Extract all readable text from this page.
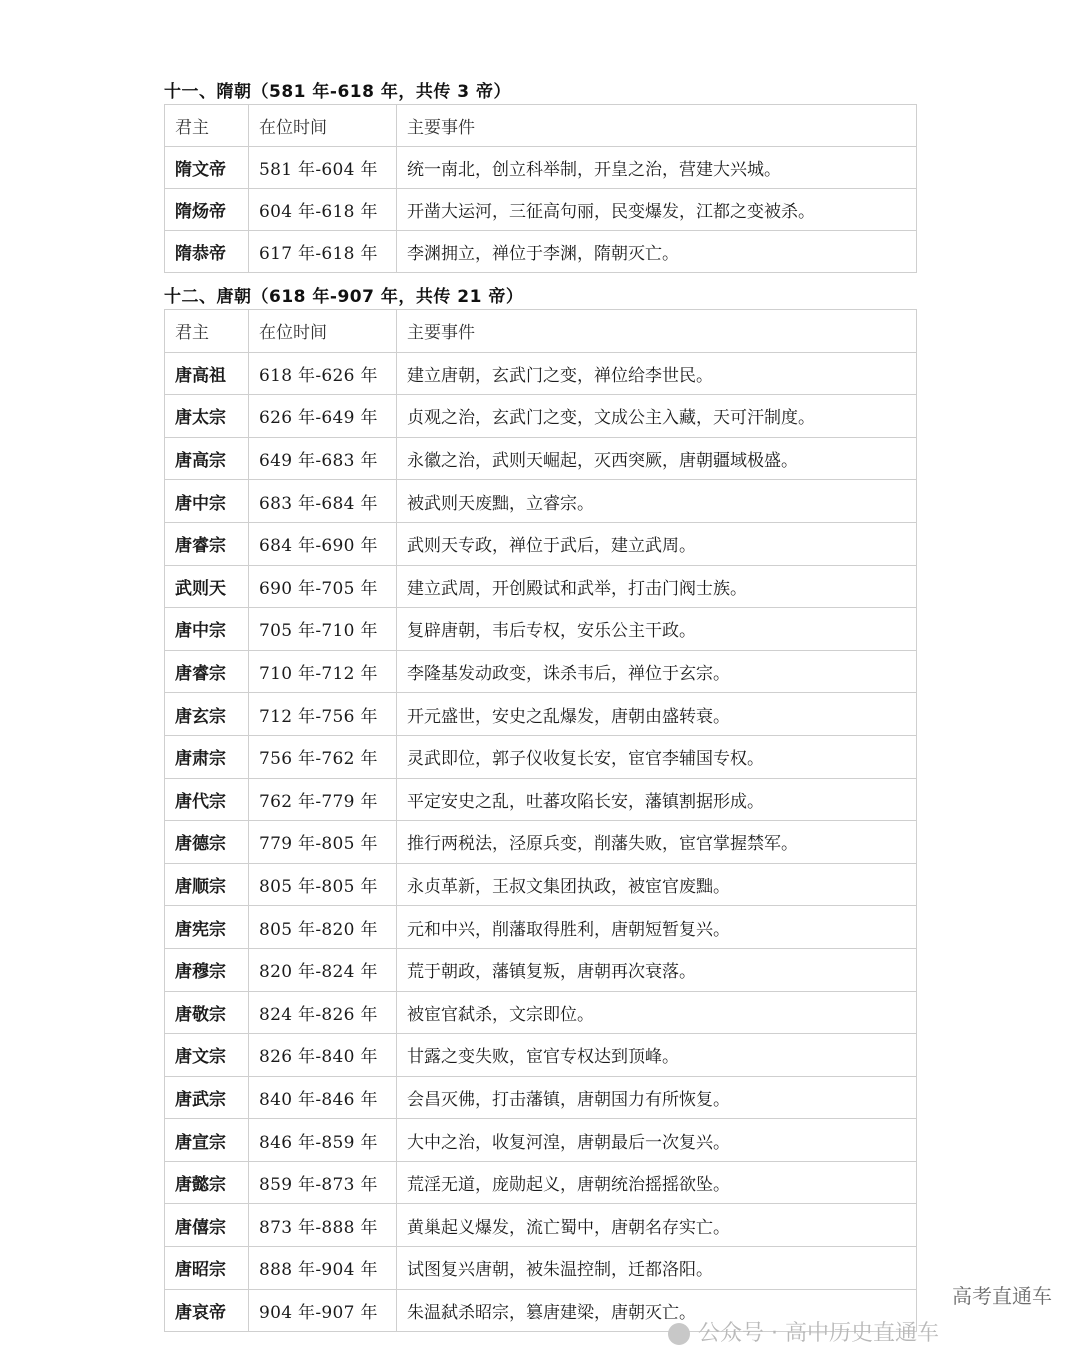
十一、隋朝（581 年-618 年，共传 3 帝）
君主	在位时间	主要事件
隋文帝	581 年-604 年	统一南北，创立科举制，开皇之治，营建大兴城。
隋炀帝	604 年-618 年	开凿大运河，三征高句丽，民变爆发，江都之变被杀。
隋恭帝	617 年-618 年	李渊拥立，禅位于李渊，隋朝灭亡。
十二、唐朝（618 年-907 年，共传 21 帝）
君主	在位时间	主要事件
唐高祖	618 年-626 年	建立唐朝，玄武门之变，禅位给李世民。
唐太宗	626 年-649 年	贞观之治，玄武门之变，文成公主入藏，天可汗制度。
唐高宗	649 年-683 年	永徽之治，武则天崛起，灭西突厥，唐朝疆域极盛。
唐中宗	683 年-684 年	被武则天废黜，立睿宗。
唐睿宗	684 年-690 年	武则天专政，禅位于武后，建立武周。
武则天	690 年-705 年	建立武周，开创殿试和武举，打击门阀士族。
唐中宗	705 年-710 年	复辟唐朝，韦后专权，安乐公主干政。
唐睿宗	710 年-712 年	李隆基发动政变，诛杀韦后，禅位于玄宗。
唐玄宗	712 年-756 年	开元盛世，安史之乱爆发，唐朝由盛转衰。
唐肃宗	756 年-762 年	灵武即位，郭子仪收复长安，宦官李辅国专权。
唐代宗	762 年-779 年	平定安史之乱，吐蕃攻陷长安，藩镇割据形成。
唐德宗	779 年-805 年	推行两税法，泾原兵变，削藩失败，宦官掌握禁军。
唐顺宗	805 年-805 年	永贞革新，王叔文集团执政，被宦官废黜。
唐宪宗	805 年-820 年	元和中兴，削藩取得胜利，唐朝短暂复兴。
唐穆宗	820 年-824 年	荒于朝政，藩镇复叛，唐朝再次衰落。
唐敬宗	824 年-826 年	被宦官弑杀，文宗即位。
唐文宗	826 年-840 年	甘露之变失败，宦官专权达到顶峰。
唐武宗	840 年-846 年	会昌灭佛，打击藩镇，唐朝国力有所恢复。
唐宣宗	846 年-859 年	大中之治，收复河湟，唐朝最后一次复兴。
唐懿宗	859 年-873 年	荒淫无道，庞勋起义，唐朝统治摇摇欲坠。
唐僖宗	873 年-888 年	黄巢起义爆发，流亡蜀中，唐朝名存实亡。
唐昭宗	888 年-904 年	试图复兴唐朝，被朱温控制，迁都洛阳。
唐哀帝	904 年-907 年	朱温弑杀昭宗，篡唐建梁，唐朝灭亡。
高考直通车
公众号 · 高中历史直通车
